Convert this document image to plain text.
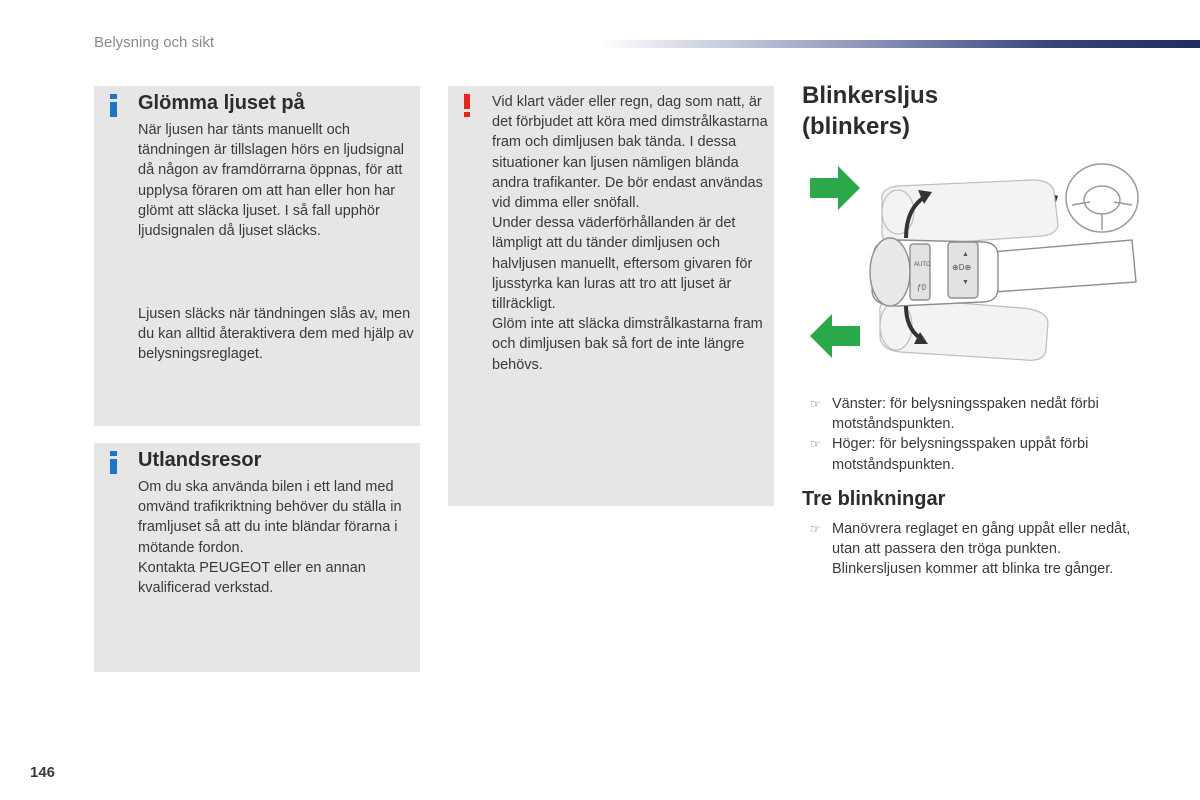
Belysning och sikt
Glömma ljuset på
När ljusen har tänts manuellt och tändningen är tillslagen hörs en ljudsignal då någon av framdörrarna öppnas, för att upplysa föraren om att han eller hon har glömt att släcka ljuset. I så fall upphör ljudsignalen då ljuset släcks.
Ljusen släcks när tändningen slås av, men du kan alltid återaktivera dem med hjälp av belysningsreglaget.
Utlandsresor
Om du ska använda bilen i ett land med omvänd trafikriktning behöver du ställa in framljuset så att du inte bländar förarna i mötande fordon.
Kontakta PEUGEOT eller en annan kvalificerad verkstad.
Vid klart väder eller regn, dag som natt, är det förbjudet att köra med dimstrålkastarna fram och dimljusen bak tända. I dessa situationer kan ljusen nämligen blända andra trafikanter. De bör endast användas vid dimma eller snöfall.
Under dessa väderförhållanden är det lämpligt att du tänder dimljusen och halvljusen manuellt, eftersom givaren för ljusstyrka kan luras att tro att ljuset är tillräckligt.
Glöm inte att släcka dimstrålkastarna fram och dimljusen bak så fort de inte längre behövs.
Blinkersljus
(blinkers)
AUTO	⊕D⊕
▲
▼
ƒ0
☞ Vänster: för belysningsspaken nedåt förbi motståndspunkten.
☞ Höger: för belysningsspaken uppåt förbi motståndspunkten.
Tre blinkningar
☞ Manövrera reglaget en gång uppåt eller nedåt, utan att passera den tröga punkten. Blinkersljusen kommer att blinka tre gånger.
146
